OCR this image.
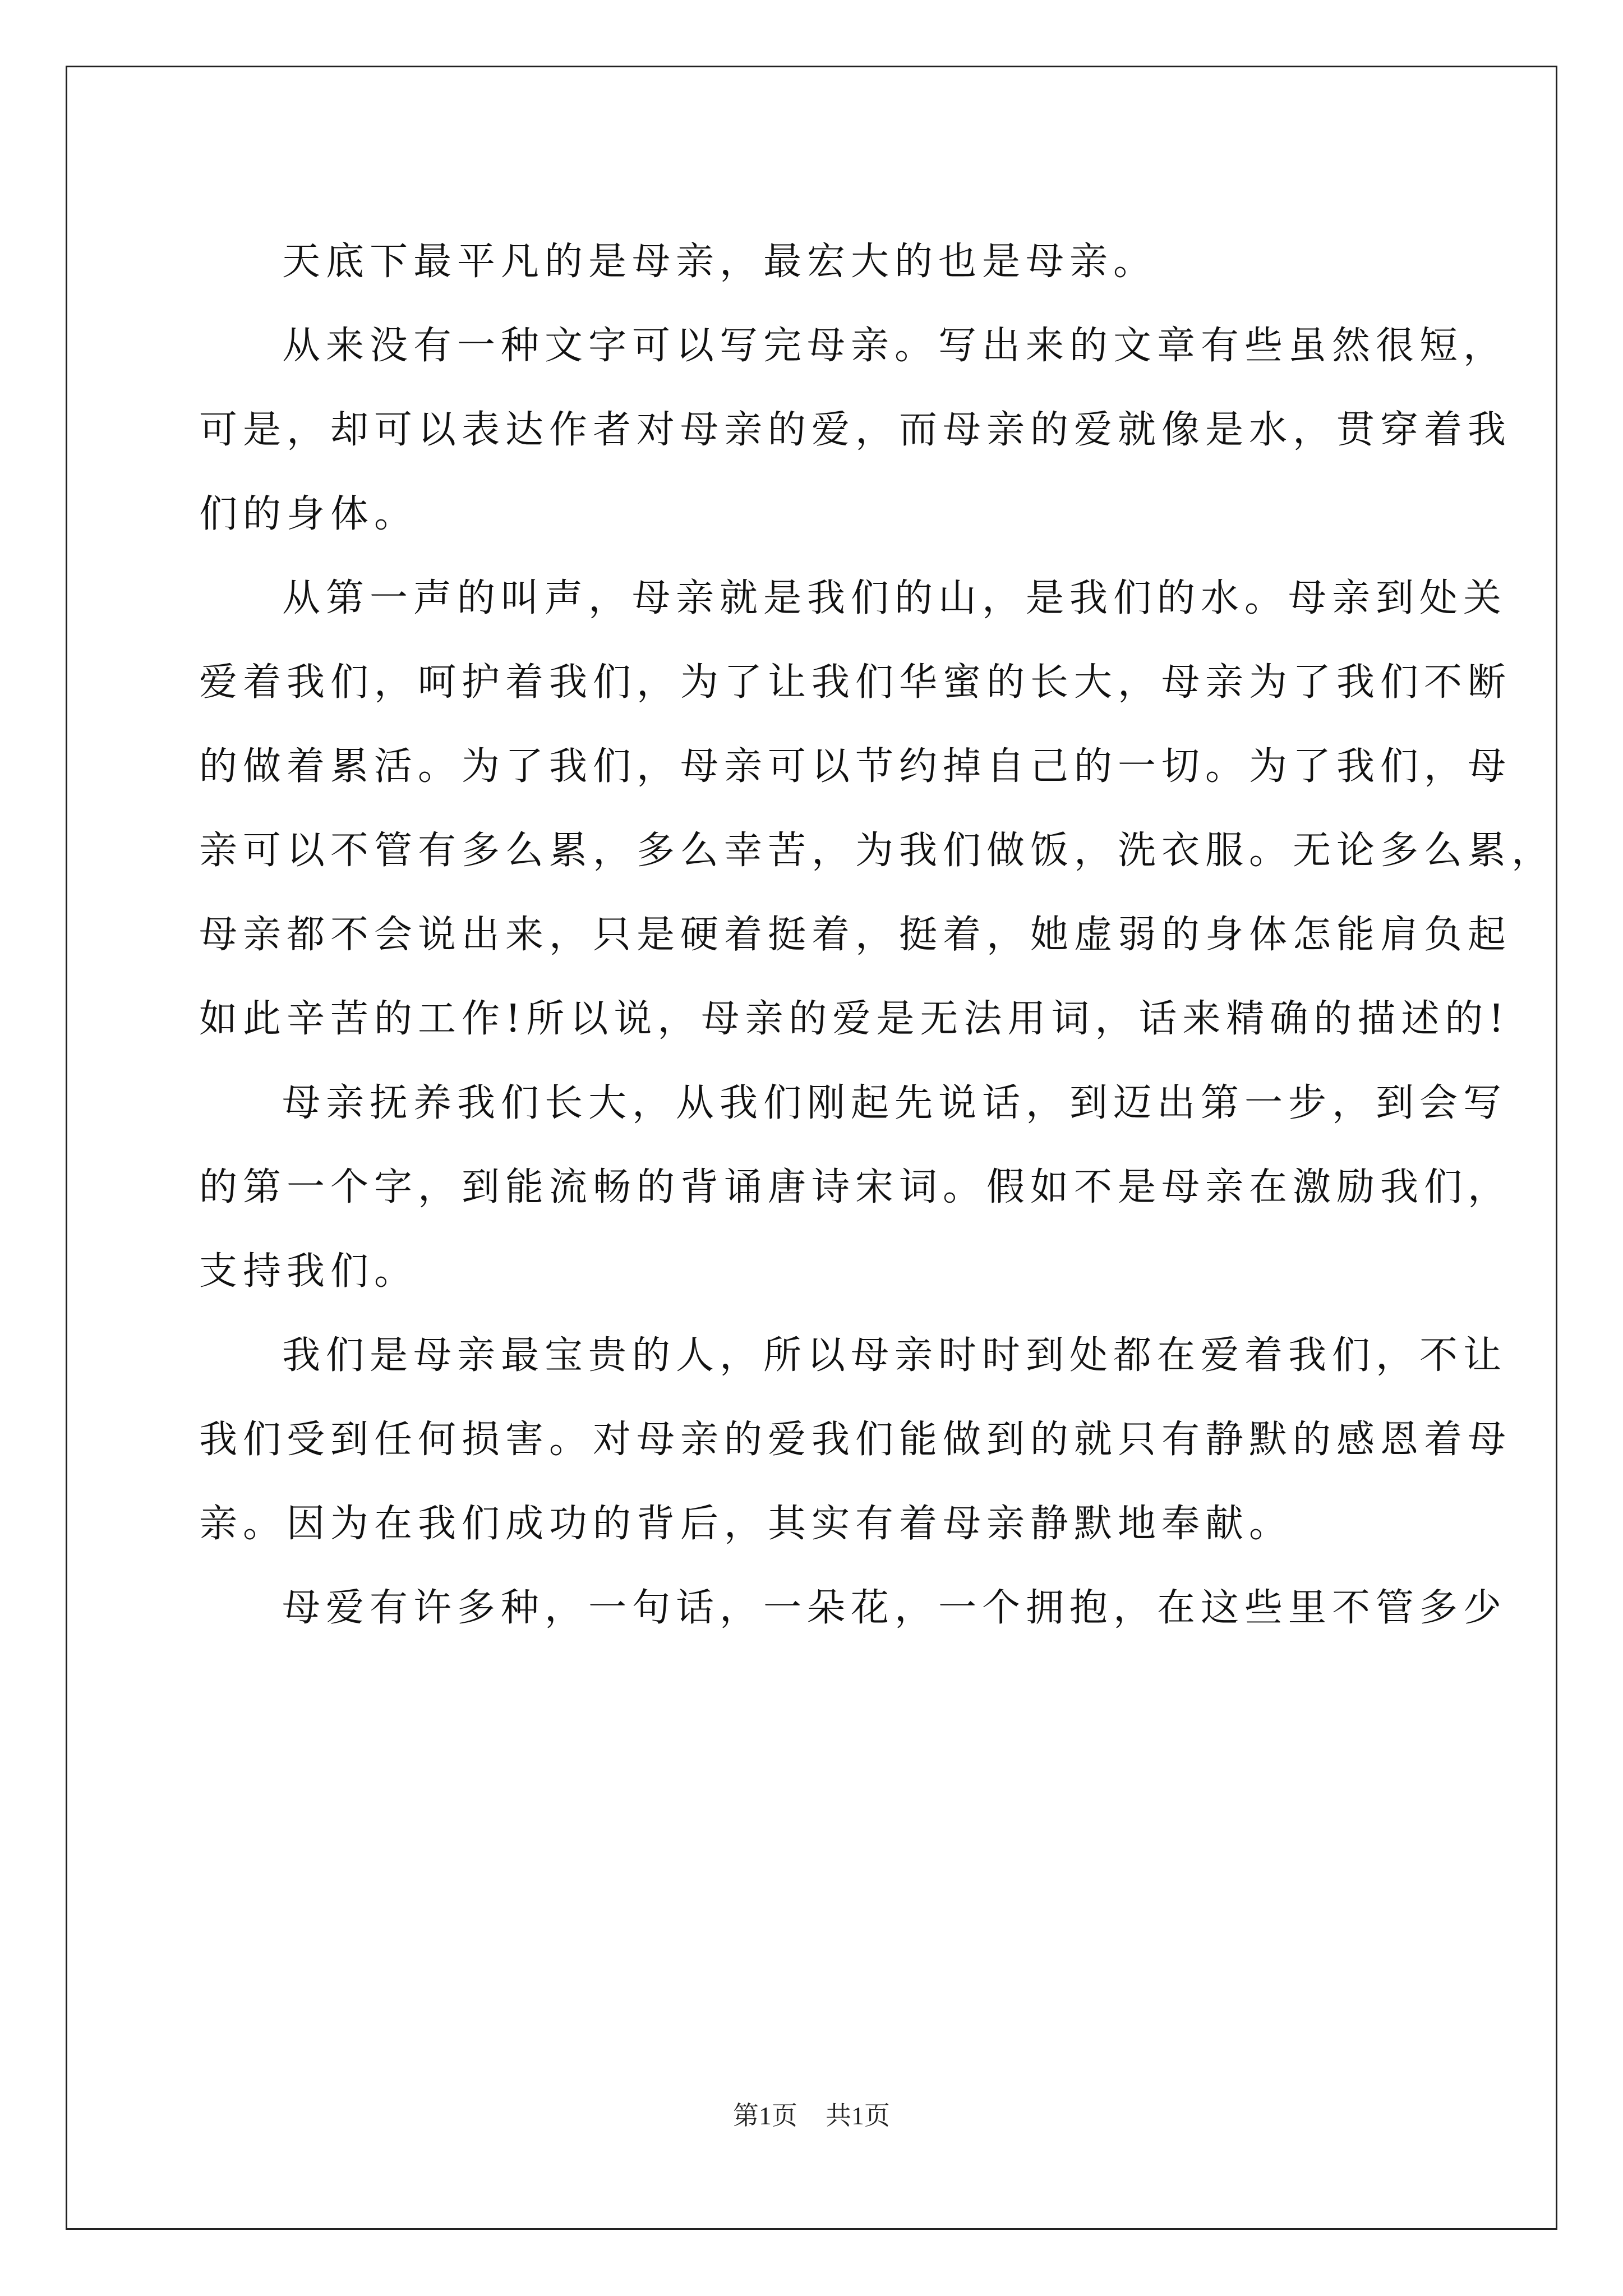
天底下最平凡的是母亲，最宏大的也是母亲。
从来没有一种文字可以写完母亲。写出来的文章有些虽然很短，
可是，却可以表达作者对母亲的爱，而母亲的爱就像是水，贯穿着我
们的身体。
从第一声的叫声，母亲就是我们的山，是我们的水。母亲到处关
爱着我们，呵护着我们，为了让我们华蜜的长大，母亲为了我们不断
的做着累活。为了我们，母亲可以节约掉自己的一切。为了我们，母
亲可以不管有多么累，多么幸苦，为我们做饭，洗衣服。无论多么累，
母亲都不会说出来，只是硬着挺着，挺着，她虚弱的身体怎能肩负起
如此辛苦的工作!所以说，母亲的爱是无法用词，话来精确的描述的!
母亲抚养我们长大，从我们刚起先说话，到迈出第一步，到会写
的第一个字，到能流畅的背诵唐诗宋词。假如不是母亲在激励我们，
支持我们。
我们是母亲最宝贵的人，所以母亲时时到处都在爱着我们，不让
我们受到任何损害。对母亲的爱我们能做到的就只有静默的感恩着母
亲。因为在我们成功的背后，其实有着母亲静默地奉献。
母爱有许多种，一句话，一朵花，一个拥抱，在这些里不管多少
第1页 共1页
